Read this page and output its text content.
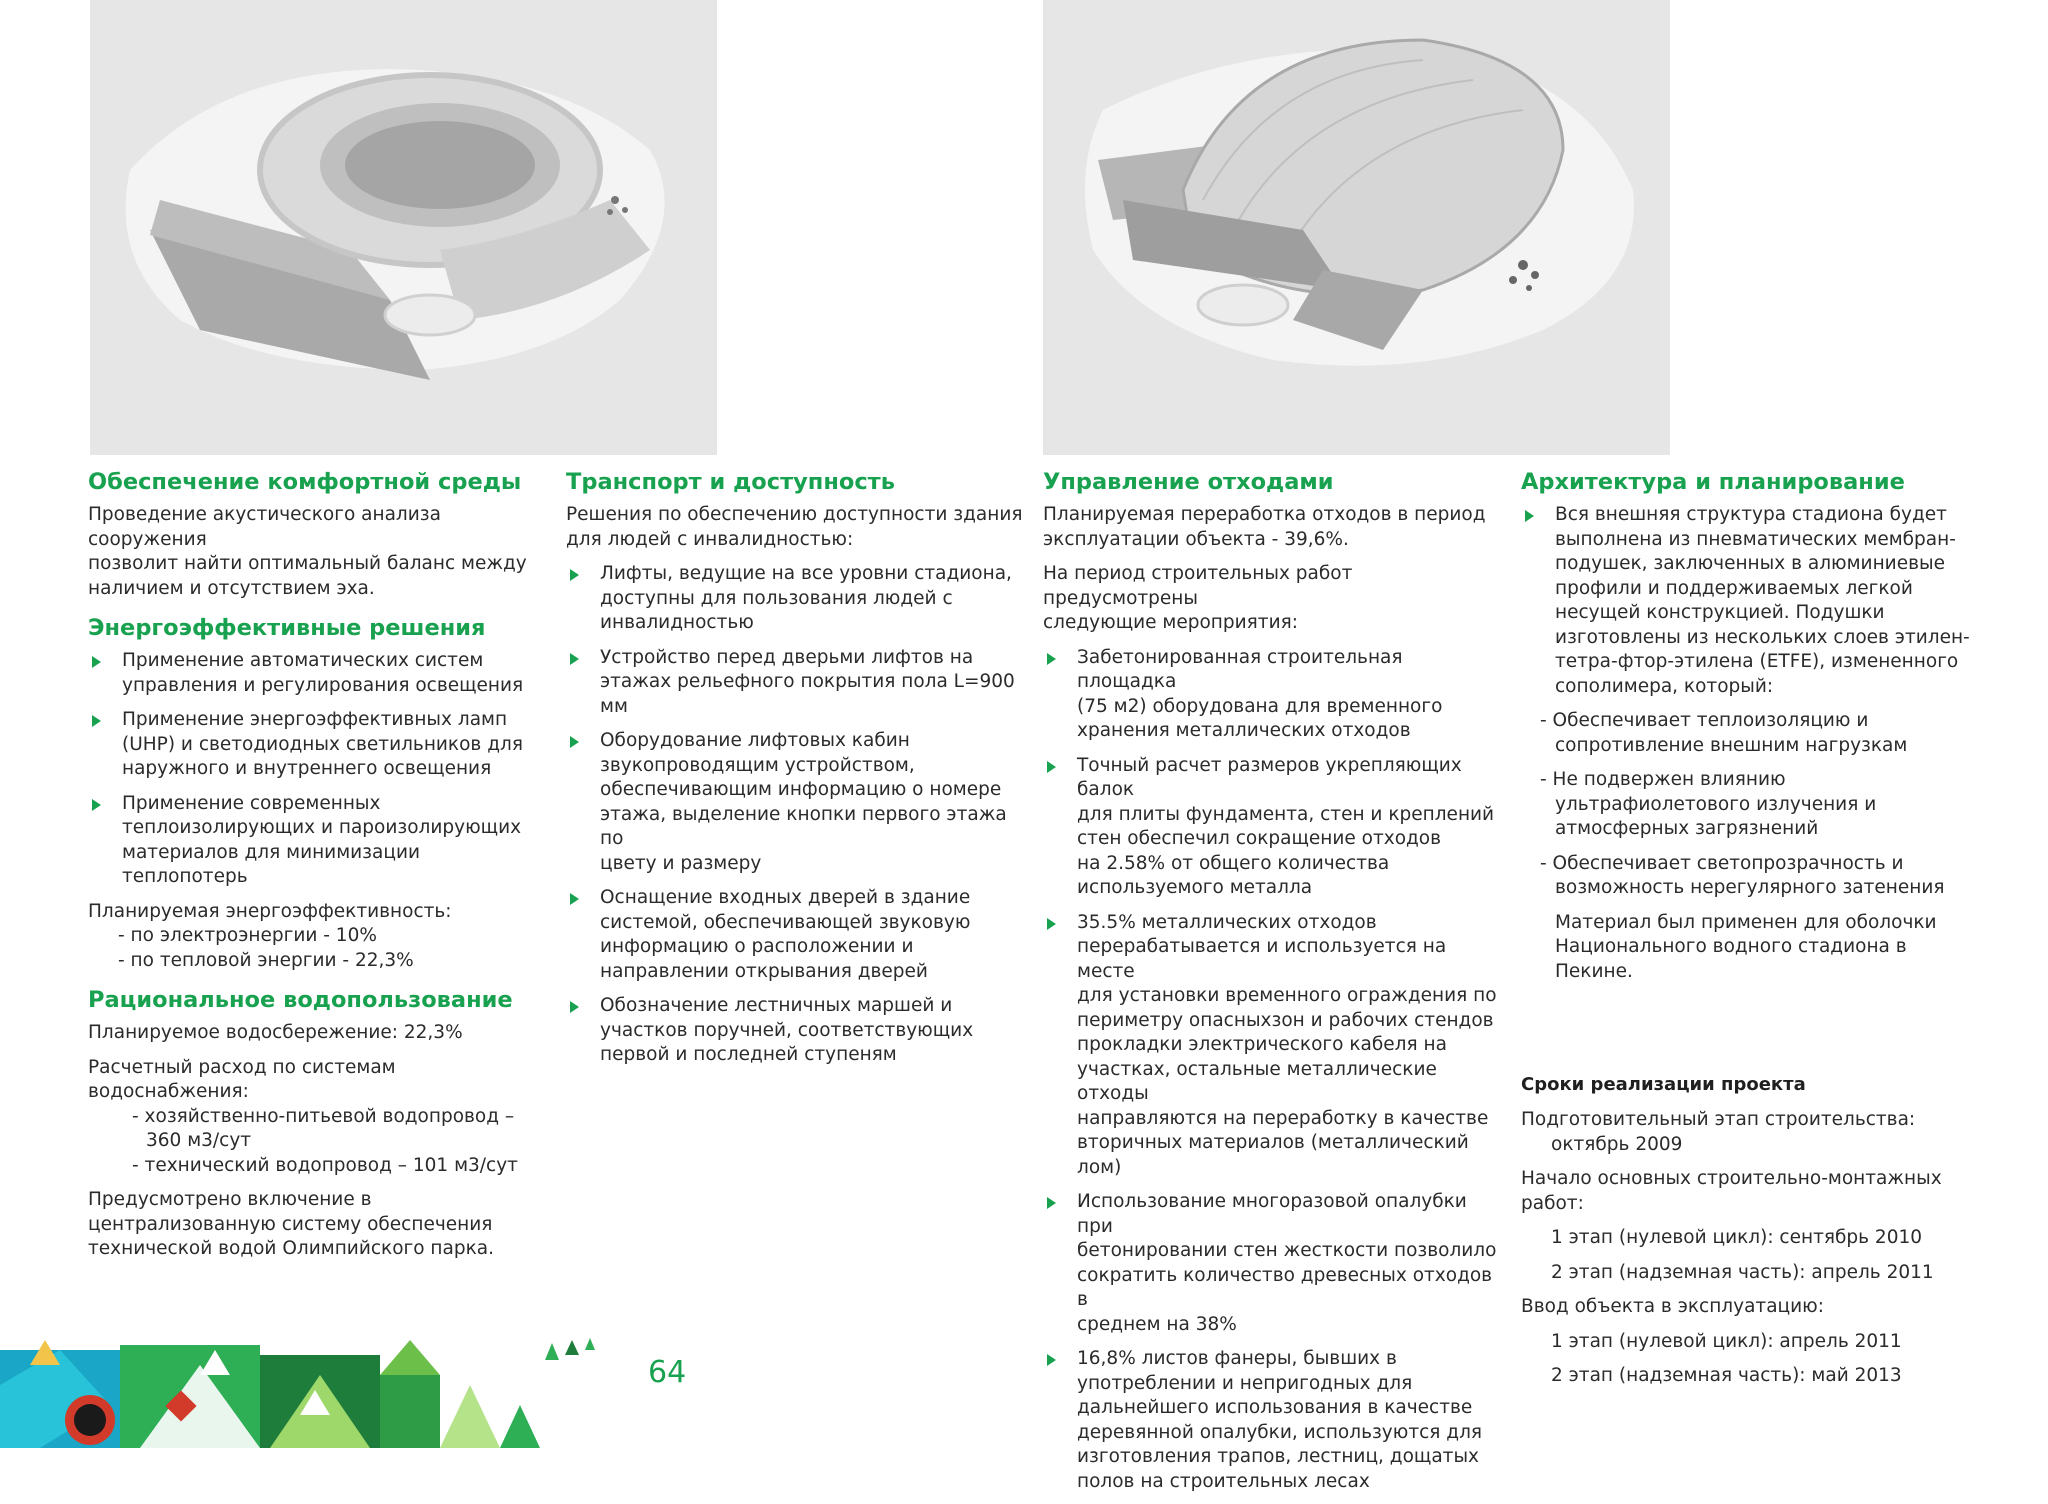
Обеспечение комфортной среды
Проведение акустического анализа сооружения
позволит найти оптимальный баланс между
наличием и отсутствием эха.
Энергоэффективные решения
Применение автоматических систем
управления и регулирования освещения
Применение энергоэффективных ламп
(UHP) и светодиодных светильников для
наружного и внутреннего освещения
Применение современных
теплоизолирующих и пароизолирующих
материалов для минимизации теплопотерь
Планируемая энергоэффективность:
- по электроэнергии - 10%
- по тепловой энергии - 22,3%
Рациональное водопользование
Планируемое водосбережение: 22,3%
Расчетный расход по системам водоснабжения:
- хозяйственно-питьевой водопровод –
360 м3/сут
- технический водопровод – 101 м3/сут
Предусмотрено включение в
централизованную систему обеспечения
технической водой Олимпийского парка.
Транспорт и доступность
Решения по обеспечению доступности здания
для людей с инвалидностью:
Лифты, ведущие на все уровни стадиона,
доступны для пользования людей с
инвалидностью
Устройство перед дверьми лифтов на
этажах рельефного покрытия пола L=900
мм
Оборудование лифтовых кабин
звукопроводящим устройством,
обеспечивающим информацию о номере
этажа, выделение кнопки первого этажа по
цвету и размеру
Оснащение входных дверей в здание
системой, обеспечивающей звуковую
информацию о расположении и
направлении открывания дверей
Обозначение лестничных маршей и
участков поручней, соответствующих
первой и последней ступеням
Управление отходами
Планируемая переработка отходов в период
эксплуатации объекта - 39,6%.
На период строительных работ предусмотрены
следующие мероприятия:
Забетонированная строительная площадка
(75 м2) оборудована для временного
хранения металлических отходов
Точный расчет размеров укрепляющих балок
для плиты фундамента, стен и креплений
стен обеспечил сокращение отходов
на 2.58% от общего количества
используемого металла
35.5% металлических отходов
перерабатывается и используется на месте
для установки временного ограждения по
периметру опасныхзон и рабочих стендов
прокладки электрического кабеля на
участках, остальные металлические отходы
направляются на переработку в качестве
вторичных материалов (металлический лом)
Использование многоразовой опалубки при
бетонировании стен жесткости позволило
сократить количество древесных отходов в
среднем на 38%
16,8% листов фанеры, бывших в
употреблении и непригодных для
дальнейшего использования в качестве
деревянной опалубки, используются для
изготовления трапов, лестниц, дощатых
полов на строительных лесах
Архитектура и планирование
Вся внешняя структура стадиона будет
выполнена из пневматических мембран-
подушек, заключенных в алюминиевые
профили и поддерживаемых легкой
несущей конструкцией. Подушки
изготовлены из нескольких слоев этилен-
тетра-фтор-этилена (ETFE), измененного
сополимера, который:
- Обеспечивает теплоизоляцию и
сопротивление внешним нагрузкам
- Не подвержен влиянию
ультрафиолетового излучения и
атмосферных загрязнений
- Обеспечивает светопрозрачность и
возможность нерегулярного затенения
Материал был применен для оболочки
Национального водного стадиона в Пекине.
Сроки реализации проекта
Подготовительный этап строительства:
октябрь 2009
Начало основных строительно-монтажных
работ:
1 этап (нулевой цикл): сентябрь 2010
2 этап (надземная часть): апрель 2011
Ввод объекта в эксплуатацию:
1 этап (нулевой цикл): апрель 2011
2 этап (надземная часть): май 2013
64
